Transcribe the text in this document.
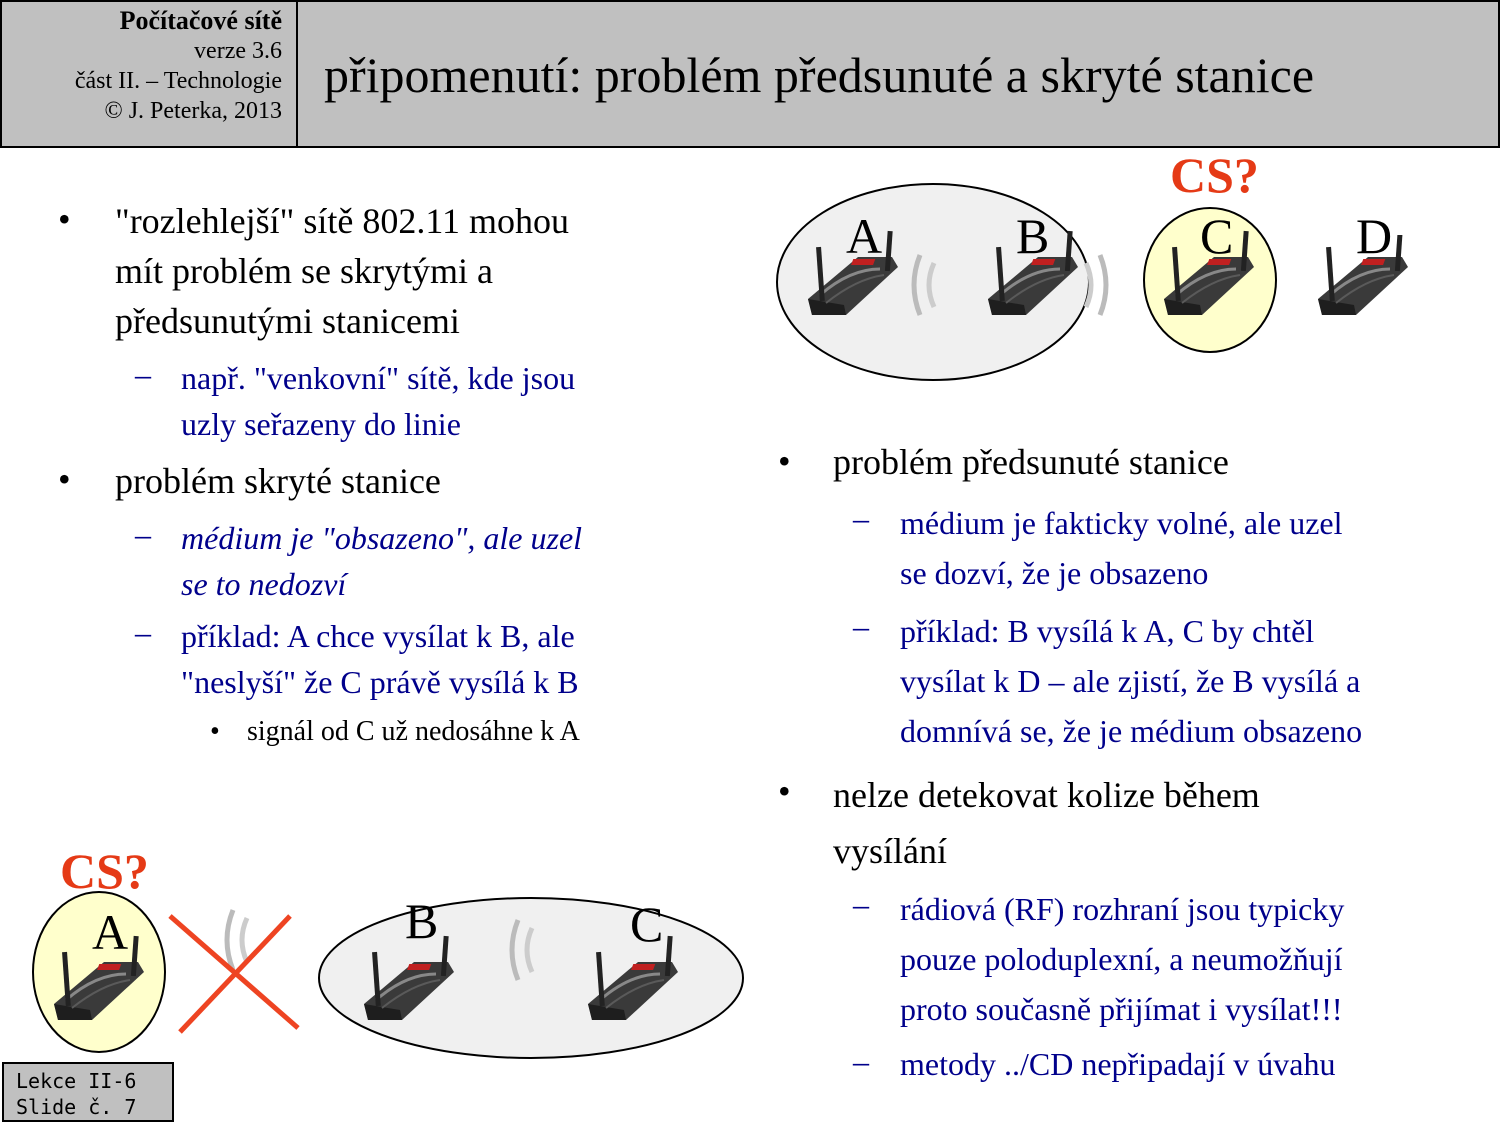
Počítačové sítě
verze 3.6
část II. – Technologie
© J. Peterka, 2013
připomenutí: problém předsunuté a skryté stanice
• "rozlehlejší" sítě 802.11 mohou
mít problém se skrytými a
předsunutými stanicemi
– např. "venkovní" sítě, kde jsou
uzly seřazeny do linie
• problém skryté stanice
– médium je "obsazeno", ale uzel
se to nedozví
– příklad: A chce vysílat k B, ale
"neslyší" že C právě vysílá k B
• signál od C už nedosáhne k A
• problém předsunuté stanice
– médium je fakticky volné, ale uzel
se dozví, že je obsazeno
– příklad: B vysílá k A, C by chtěl
vysílat k D – ale zjistí, že B vysílá a
domnívá se, že je médium obsazeno
• nelze detekovat kolize během
vysílání
– rádiová (RF) rozhraní jsou typicky
pouze poloduplexní, a neumožňují
proto současně přijímat i vysílat!!!
– metody ../CD nepřipadají v úvahu
A	B	C D
CS?
CS?
A	B	C
Lekce II-6
Slide č. 7
